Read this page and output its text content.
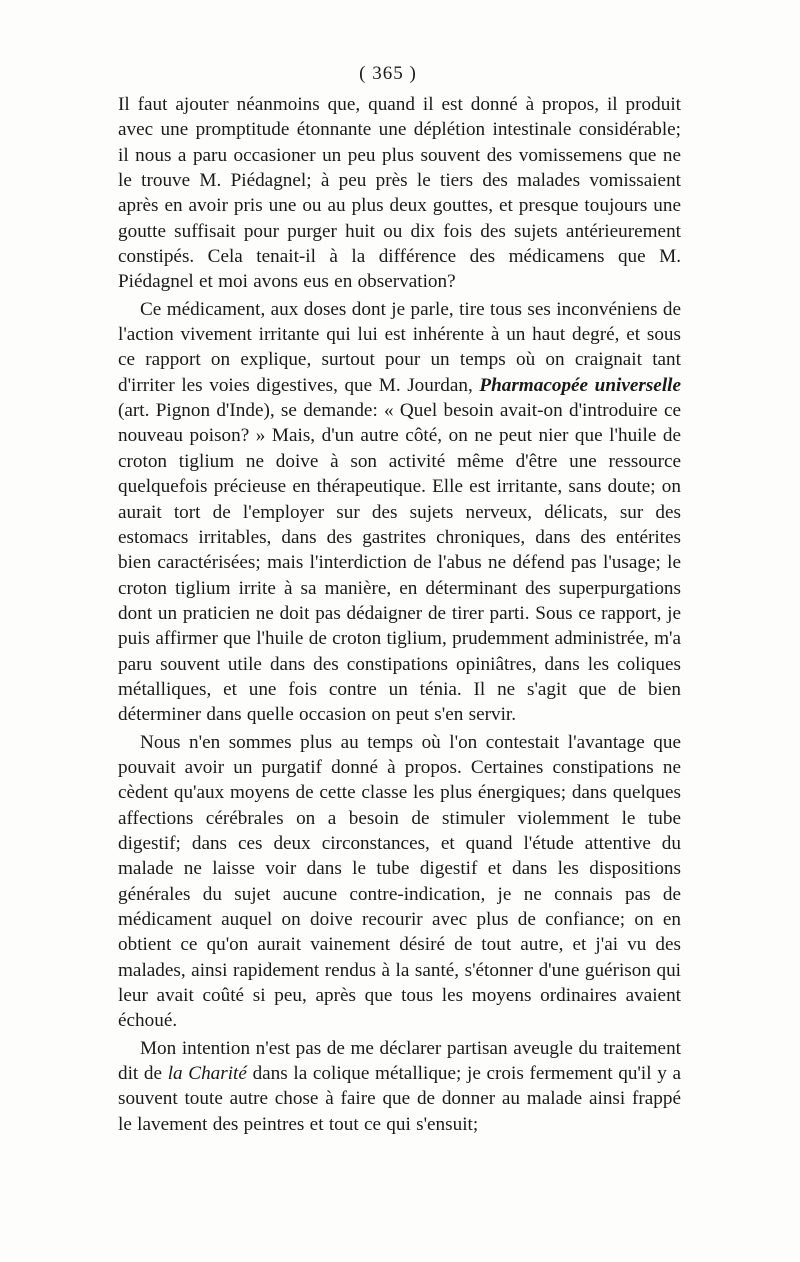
( 365 )

Il faut ajouter néanmoins que, quand il est donné à propos, il produit avec une promptitude étonnante une déplétion intestinale considérable; il nous a paru occasioner un peu plus souvent des vomissemens que ne le trouve M. Piédagnel; à peu près le tiers des malades vomissaient après en avoir pris une ou au plus deux gouttes, et presque toujours une goutte suffisait pour purger huit ou dix fois des sujets antérieurement constipés. Cela tenait-il à la différence des médicamens que M. Piédagnel et moi avons eus en observation?

Ce médicament, aux doses dont je parle, tire tous ses inconvéniens de l'action vivement irritante qui lui est inhérente à un haut degré, et sous ce rapport on explique, surtout pour un temps où on craignait tant d'irriter les voies digestives, que M. Jourdan, Pharmacopée universelle (art. Pignon d'Inde), se demande: « Quel besoin avait-on d'introduire ce nouveau poison? » Mais, d'un autre côté, on ne peut nier que l'huile de croton tiglium ne doive à son activité même d'être une ressource quelquefois précieuse en thérapeutique. Elle est irritante, sans doute; on aurait tort de l'employer sur des sujets nerveux, délicats, sur des estomacs irritables, dans des gastrites chroniques, dans des entérites bien caractérisées; mais l'interdiction de l'abus ne défend pas l'usage; le croton tiglium irrite à sa manière, en déterminant des superpurgations dont un praticien ne doit pas dédaigner de tirer parti. Sous ce rapport, je puis affirmer que l'huile de croton tiglium, prudemment administrée, m'a paru souvent utile dans des constipations opiniâtres, dans les coliques métalliques, et une fois contre un ténia. Il ne s'agit que de bien déterminer dans quelle occasion on peut s'en servir.

Nous n'en sommes plus au temps où l'on contestait l'avantage que pouvait avoir un purgatif donné à propos. Certaines constipations ne cèdent qu'aux moyens de cette classe les plus énergiques; dans quelques affections cérébrales on a besoin de stimuler violemment le tube digestif; dans ces deux circonstances, et quand l'étude attentive du malade ne laisse voir dans le tube digestif et dans les dispositions générales du sujet aucune contre-indication, je ne connais pas de médicament auquel on doive recourir avec plus de confiance; on en obtient ce qu'on aurait vainement désiré de tout autre, et j'ai vu des malades, ainsi rapidement rendus à la santé, s'étonner d'une guérison qui leur avait coûté si peu, après que tous les moyens ordinaires avaient échoué.

Mon intention n'est pas de me déclarer partisan aveugle du traitement dit de la Charité dans la colique métallique; je crois fermement qu'il y a souvent toute autre chose à faire que de donner au malade ainsi frappé le lavement des peintres et tout ce qui s'ensuit;
